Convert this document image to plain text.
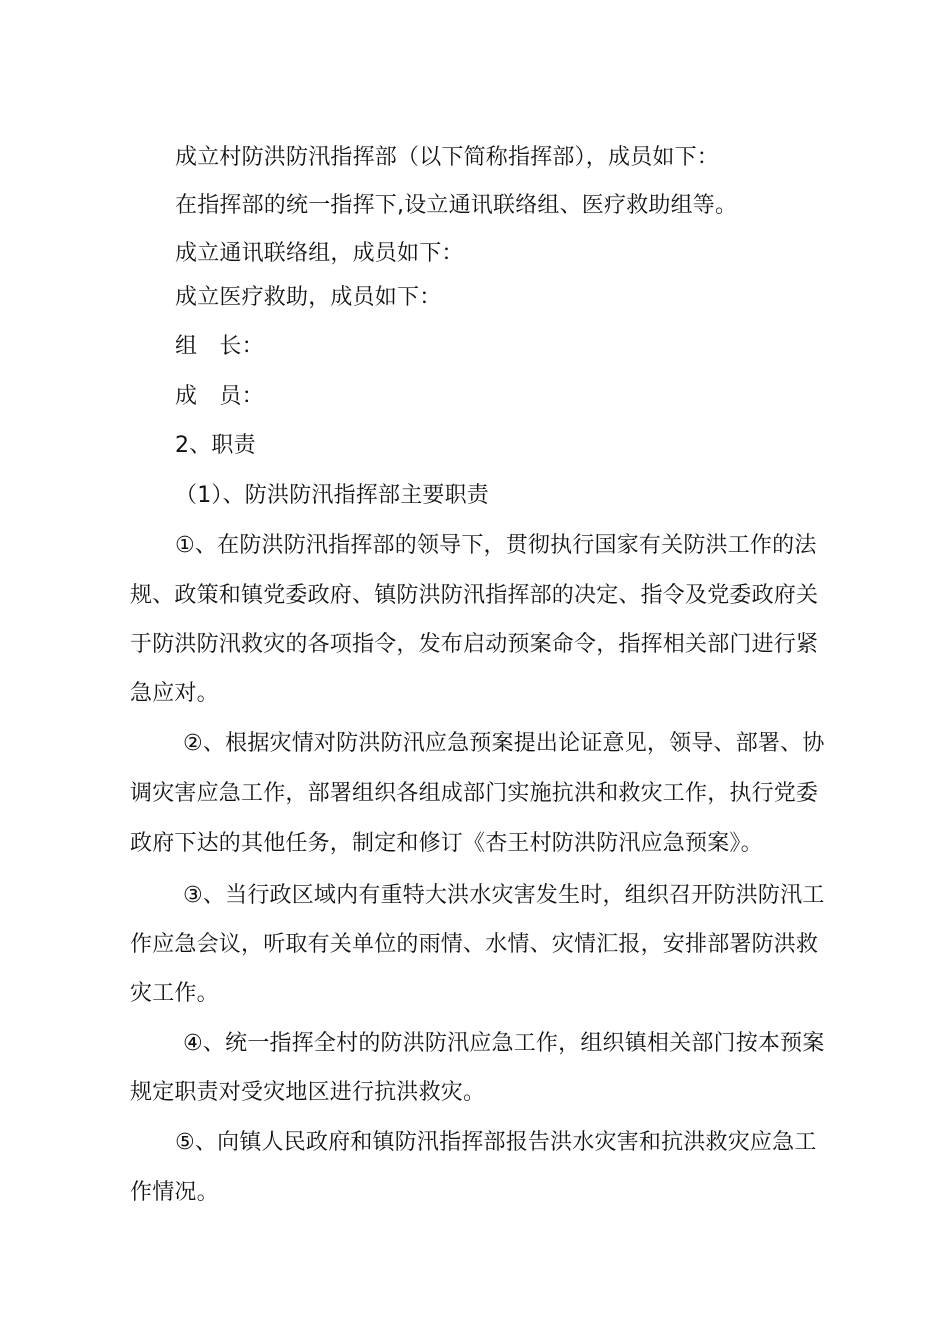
成立村防洪防汛指挥部（以下简称指挥部），成员如下：
在指挥部的统一指挥下,设立通讯联络组、医疗救助组等。
成立通讯联络组，成员如下：
成立医疗救助，成员如下：
组　长：
成　员：
2、职责
（1）、防洪防汛指挥部主要职责
①、在防洪防汛指挥部的领导下，贯彻执行国家有关防洪工作的法
规、政策和镇党委政府、镇防洪防汛指挥部的决定、指令及党委政府关
于防洪防汛救灾的各项指令，发布启动预案命令，指挥相关部门进行紧
急应对。
②、根据灾情对防洪防汛应急预案提出论证意见，领导、部署、协
调灾害应急工作，部署组织各组成部门实施抗洪和救灾工作，执行党委
政府下达的其他任务，制定和修订《杏王村防洪防汛应急预案》。
③、当行政区域内有重特大洪水灾害发生时，组织召开防洪防汛工
作应急会议，听取有关单位的雨情、水情、灾情汇报，安排部署防洪救
灾工作。
④、统一指挥全村的防洪防汛应急工作，组织镇相关部门按本预案
规定职责对受灾地区进行抗洪救灾。
⑤、向镇人民政府和镇防汛指挥部报告洪水灾害和抗洪救灾应急工
作情况。
